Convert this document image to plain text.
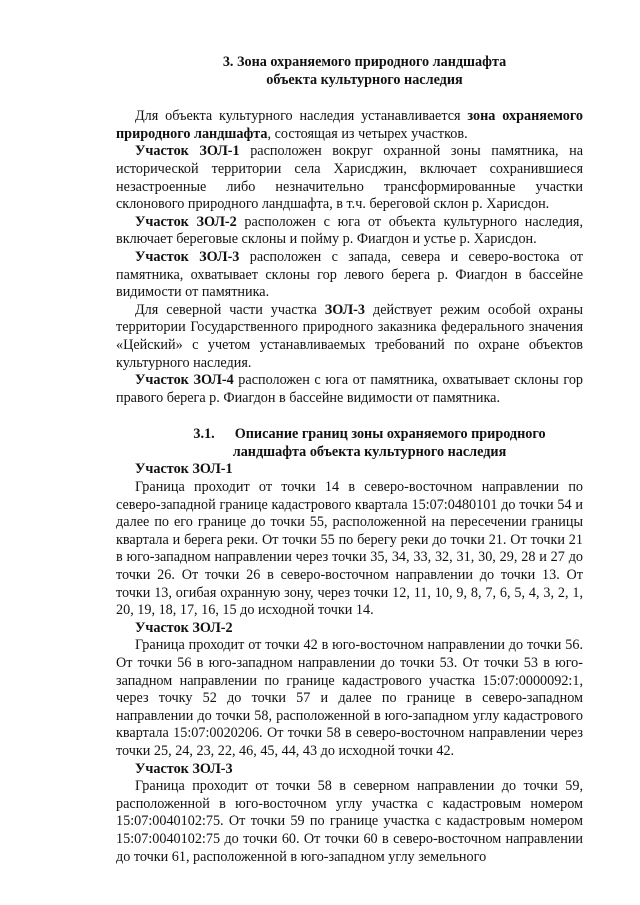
3. Зона охраняемого природного ландшафта
объекта культурного наследия

Для объекта культурного наследия устанавливается зона охраняемого природного ландшафта, состоящая из четырех участков.

Участок ЗОЛ-1 расположен вокруг охранной зоны памятника, на исторической территории села Харисджин, включает сохранившиеся незастроенные либо незначительно трансформированные участки склонового природного ландшафта, в т.ч. береговой склон р. Харисдон.

Участок ЗОЛ-2 расположен с юга от объекта культурного наследия, включает береговые склоны и пойму р. Фиагдон и устье р. Харисдон.

Участок ЗОЛ-3 расположен с запада, севера и северо-востока от памятника, охватывает склоны гор левого берега р. Фиагдон в бассейне видимости от памятника.

Для северной части участка ЗОЛ-3 действует режим особой охраны территории Государственного природного заказника федерального значения «Цейский» с учетом устанавливаемых требований по охране объектов культурного наследия.

Участок ЗОЛ-4 расположен с юга от памятника, охватывает склоны гор правого берега р. Фиагдон в бассейне видимости от памятника.

3.1. Описание границ зоны охраняемого природного
ландшафта объекта культурного наследия
Участок ЗОЛ-1

Граница проходит от точки 14 в северо-восточном направлении по северо-западной границе кадастрового квартала 15:07:0480101 до точки 54 и далее по его границе до точки 55, расположенной на пересечении границы квартала и берега реки. От точки 55 по берегу реки до точки 21. От точки 21 в юго-западном направлении через точки 35, 34, 33, 32, 31, 30, 29, 28 и 27 до точки 26. От точки 26 в северо-восточном направлении до точки 13. От точки 13, огибая охранную зону, через точки 12, 11, 10, 9, 8, 7, 6, 5, 4, 3, 2, 1, 20, 19, 18, 17, 16, 15 до исходной точки 14.

Участок ЗОЛ-2

Граница проходит от точки 42 в юго-восточном направлении до точки 56. От точки 56 в юго-западном направлении до точки 53. От точки 53 в юго-западном направлении по границе кадастрового участка 15:07:0000092:1, через точку 52 до точки 57 и далее по границе в северо-западном направлении до точки 58, расположенной в юго-западном углу кадастрового квартала 15:07:0020206. От точки 58 в северо-восточном направлении через точки 25, 24, 23, 22, 46, 45, 44, 43 до исходной точки 42.

Участок ЗОЛ-3

Граница проходит от точки 58 в северном направлении до точки 59, расположенной в юго-восточном углу участка с кадастровым номером 15:07:0040102:75. От точки 59 по границе участка с кадастровым номером 15:07:0040102:75 до точки 60. От точки 60 в северо-восточном направлении до точки 61, расположенной в юго-западном углу земельного
